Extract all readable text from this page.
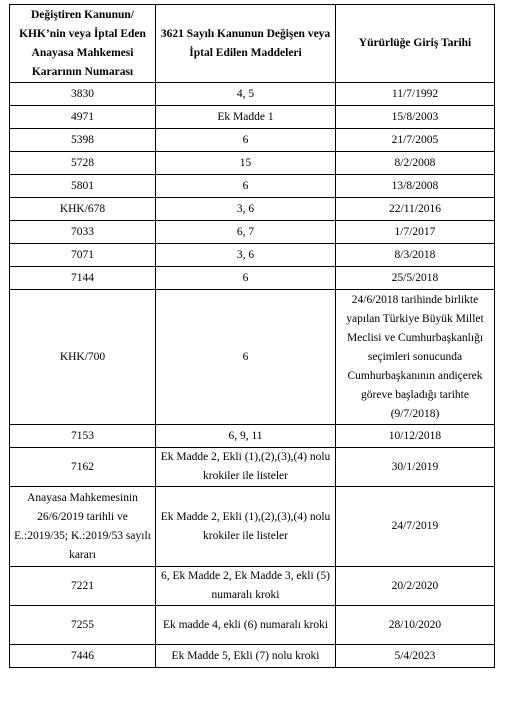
Değiştiren Kanunun/ KHK’nin veya İptal Eden Anayasa Mahkemesi Kararının Numarası	3621 Sayılı Kanunun Değişen veya İptal Edilen Maddeleri	Yürürlüğe Giriş Tarihi
3830	4, 5	11/7/1992
4971	Ek Madde 1	15/8/2003
5398	6	21/7/2005
5728	15	8/2/2008
5801	6	13/8/2008
KHK/678	3, 6	22/11/2016
7033	6, 7	1/7/2017
7071	3, 6	8/3/2018
7144	6	25/5/2018
KHK/700	6	24/6/2018 tarihinde birlikte yapılan Türkiye Büyük Millet Meclisi ve Cumhurbaşkanlığı seçimleri sonucunda Cumhurbaşkanının andiçerek göreve başladığı tarihte (9/7/2018)
7153	6, 9, 11	10/12/2018
7162	Ek Madde 2, Ekli (1),(2),(3),(4) nolu krokiler ile listeler	30/1/2019
Anayasa Mahkemesinin 26/6/2019 tarihli ve E.:2019/35; K.:2019/53 sayılı kararı	Ek Madde 2, Ekli (1),(2),(3),(4) nolu krokiler ile listeler	24/7/2019
7221	6, Ek Madde 2, Ek Madde 3, ekli (5) numaralı kroki	20/2/2020
7255	Ek madde 4, ekli (6) numaralı kroki	28/10/2020
7446	Ek Madde 5, Ekli (7) nolu kroki	5/4/2023
